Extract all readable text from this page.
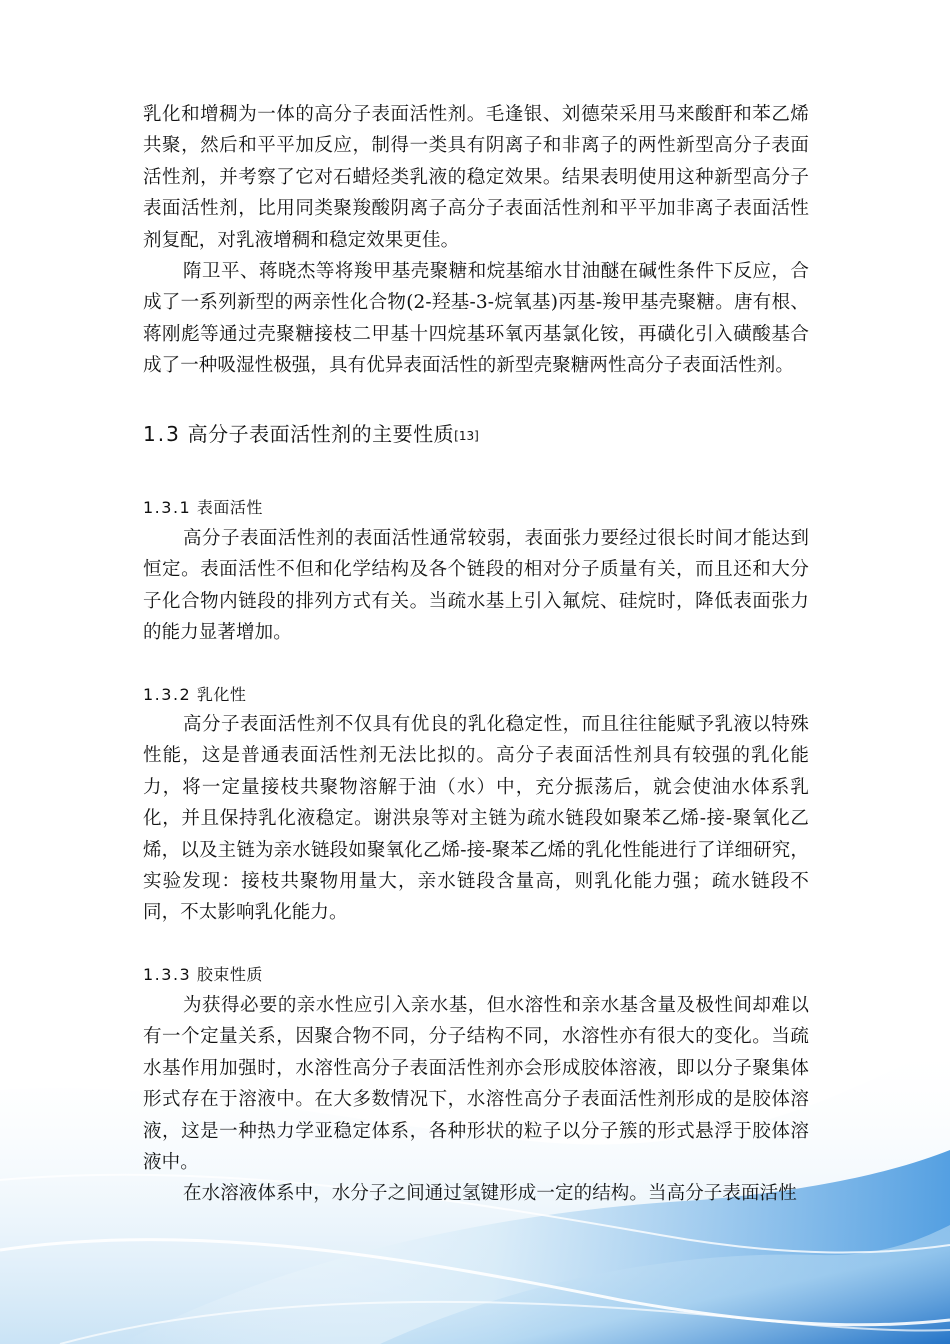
乳化和增稠为一体的高分子表面活性剂。毛逢银、刘德荣采用马来酸酐和苯乙烯共聚，然后和平平加反应，制得一类具有阴离子和非离子的两性新型高分子表面活性剂，并考察了它对石蜡烃类乳液的稳定效果。结果表明使用这种新型高分子表面活性剂，比用同类聚羧酸阴离子高分子表面活性剂和平平加非离子表面活性剂复配，对乳液增稠和稳定效果更佳。

隋卫平、蒋晓杰等将羧甲基壳聚糖和烷基缩水甘油醚在碱性条件下反应，合成了一系列新型的两亲性化合物(2-羟基-3-烷氧基)丙基-羧甲基壳聚糖。唐有根、蒋刚彪等通过壳聚糖接枝二甲基十四烷基环氧丙基氯化铵，再磺化引入磺酸基合成了一种吸湿性极强，具有优异表面活性的新型壳聚糖两性高分子表面活性剂。

1.3 高分子表面活性剂的主要性质[13]
1.3.1 表面活性

高分子表面活性剂的表面活性通常较弱，表面张力要经过很长时间才能达到恒定。表面活性不但和化学结构及各个链段的相对分子质量有关，而且还和大分子化合物内链段的排列方式有关。当疏水基上引入氟烷、硅烷时，降低表面张力的能力显著增加。

1.3.2 乳化性

高分子表面活性剂不仅具有优良的乳化稳定性，而且往往能赋予乳液以特殊性能，这是普通表面活性剂无法比拟的。高分子表面活性剂具有较强的乳化能力，将一定量接枝共聚物溶解于油（水）中，充分振荡后，就会使油水体系乳化，并且保持乳化液稳定。谢洪泉等对主链为疏水链段如聚苯乙烯-接-聚氧化乙烯，以及主链为亲水链段如聚氧化乙烯-接-聚苯乙烯的乳化性能进行了详细研究，实验发现：接枝共聚物用量大，亲水链段含量高，则乳化能力强；疏水链段不同，不太影响乳化能力。

1.3.3 胶束性质

为获得必要的亲水性应引入亲水基，但水溶性和亲水基含量及极性间却难以有一个定量关系，因聚合物不同，分子结构不同，水溶性亦有很大的变化。当疏水基作用加强时，水溶性高分子表面活性剂亦会形成胶体溶液，即以分子聚集体形式存在于溶液中。在大多数情况下，水溶性高分子表面活性剂形成的是胶体溶液，这是一种热力学亚稳定体系，各种形状的粒子以分子簇的形式悬浮于胶体溶液中。

在水溶液体系中，水分子之间通过氢键形成一定的结构。当高分子表面活性
